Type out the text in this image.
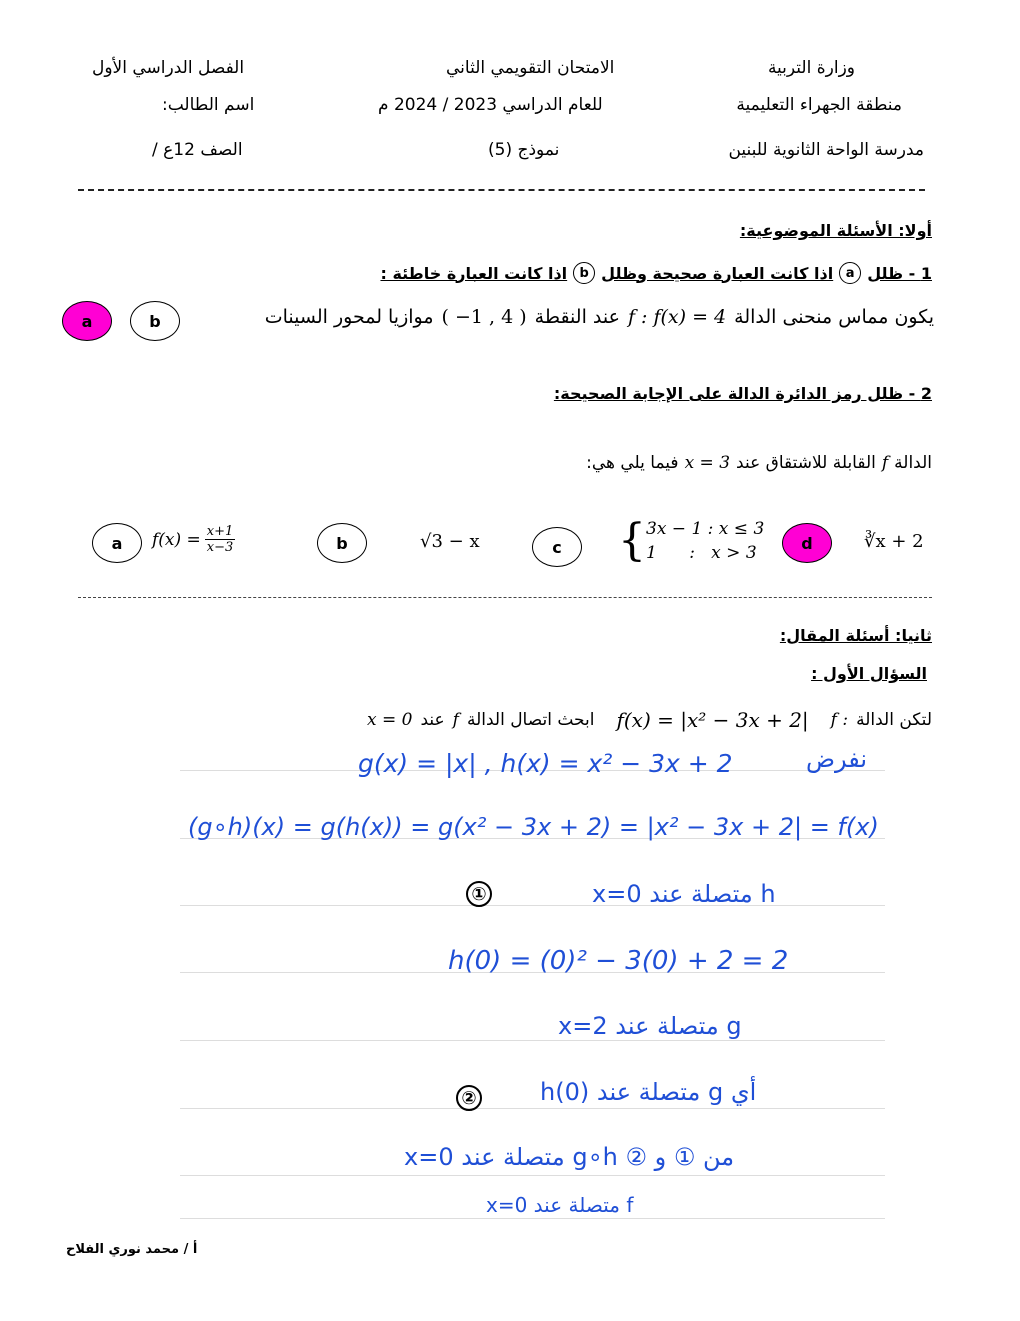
وزارة التربية
منطقة الجهراء التعليمية
مدرسة الواحة الثانوية للبنين
الامتحان التقويمي الثاني
للعام الدراسي 2023 / 2024 م
نموذج (5)
الفصل الدراسي الأول
اسم الطالب:
الصف 12ع /
أولا: الأسئلة الموضوعية:
1 - ظلل
a
اذا كانت العبارة صحيحة وظلل
b
اذا كانت العبارة خاطئة :
يكون مماس منحنى الدالة
f : f(x) = 4
عند النقطة
( −1 , 4 )
موازيا لمحور السينات
b
a
2 - ظلل رمز الدائرة الدالة على الإجابة الصحيحة:
الدالة
f
القابلة للاشتقاق عند
x = 3
فيما يلي هي:
a	$f(x) = \frac{x+1}{x-3}$	b	√3 − x	c	{ 3x − 1 : x ≤ 3
1      :   x > 3	d	∛x + 2
ثانيا: أسئلة المقال:
السؤال الأول :
لتكن الدالة
f :
f(x) = |x² − 3x + 2|
ابحث اتصال الدالة
f
عند
x = 0
g(x) = |x| , h(x) = x² − 3x + 2	نفرض
(g∘h)(x) = g(h(x)) = g(x² − 3x + 2) = |x² − 3x + 2| = f(x)
①	h متصلة عند x=0
h(0) = (0)² − 3(0) + 2 = 2
g متصلة عند x=2
②	أي g متصلة عند h(0)
من ① و ② g∘h متصلة عند x=0
f متصلة عند x=0
أ / محمد نوري الفلاح
